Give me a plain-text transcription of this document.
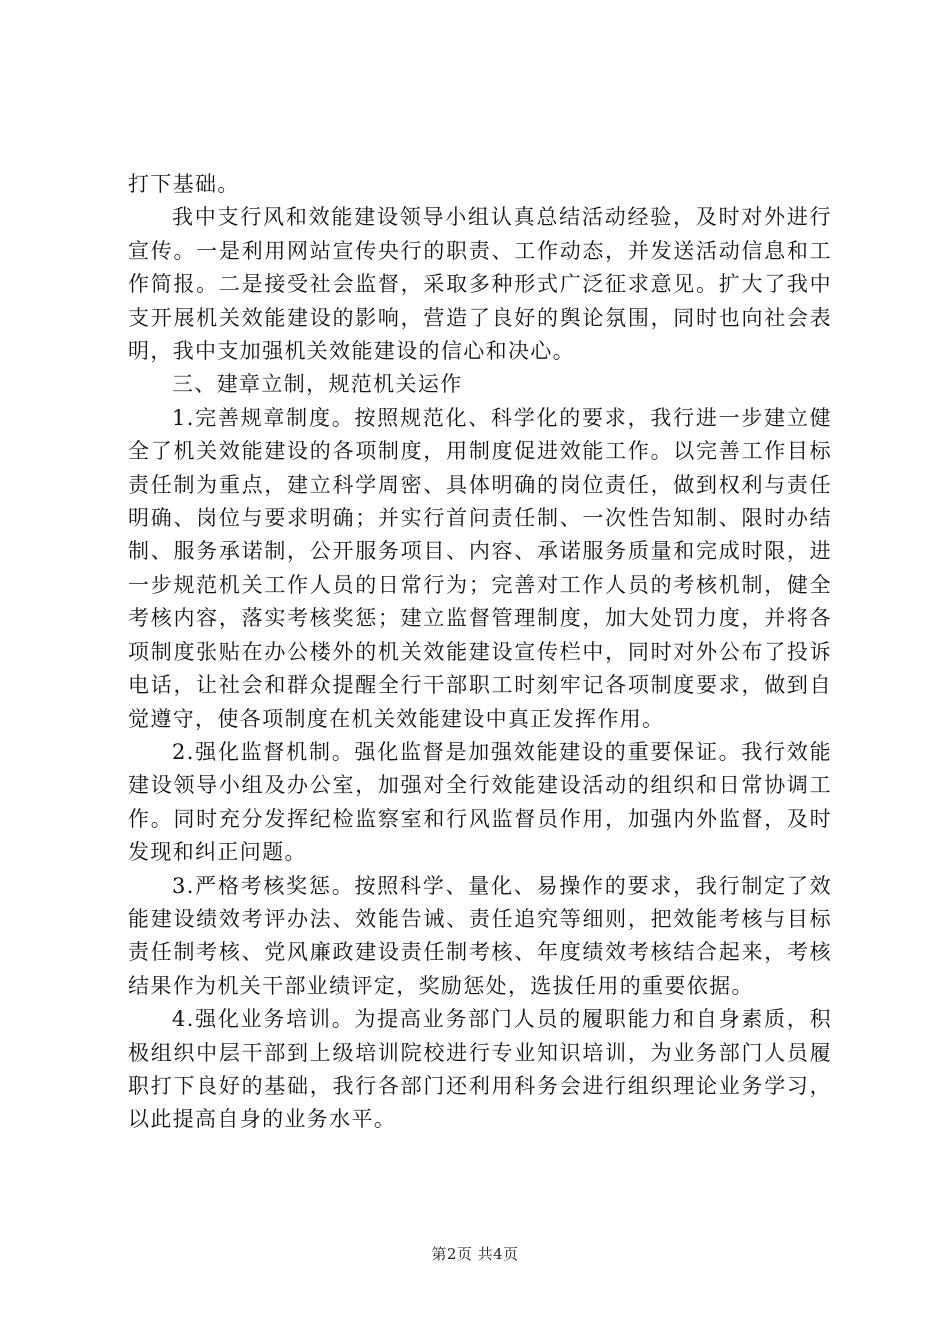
打下基础。

我中支行风和效能建设领导小组认真总结活动经验，及时对外进行宣传。一是利用网站宣传央行的职责、工作动态，并发送活动信息和工作简报。二是接受社会监督，采取多种形式广泛征求意见。扩大了我中支开展机关效能建设的影响，营造了良好的舆论氛围，同时也向社会表明，我中支加强机关效能建设的信心和决心。

三、建章立制，规范机关运作

1.完善规章制度。按照规范化、科学化的要求，我行进一步建立健全了机关效能建设的各项制度，用制度促进效能工作。以完善工作目标责任制为重点，建立科学周密、具体明确的岗位责任，做到权利与责任明确、岗位与要求明确；并实行首问责任制、一次性告知制、限时办结制、服务承诺制，公开服务项目、内容、承诺服务质量和完成时限，进一步规范机关工作人员的日常行为；完善对工作人员的考核机制，健全考核内容，落实考核奖惩；建立监督管理制度，加大处罚力度，并将各项制度张贴在办公楼外的机关效能建设宣传栏中，同时对外公布了投诉电话，让社会和群众提醒全行干部职工时刻牢记各项制度要求，做到自觉遵守，使各项制度在机关效能建设中真正发挥作用。

2.强化监督机制。强化监督是加强效能建设的重要保证。我行效能建设领导小组及办公室，加强对全行效能建设活动的组织和日常协调工作。同时充分发挥纪检监察室和行风监督员作用，加强内外监督，及时发现和纠正问题。

3.严格考核奖惩。按照科学、量化、易操作的要求，我行制定了效能建设绩效考评办法、效能告诫、责任追究等细则，把效能考核与目标责任制考核、党风廉政建设责任制考核、年度绩效考核结合起来，考核结果作为机关干部业绩评定，奖励惩处，选拔任用的重要依据。

4.强化业务培训。为提高业务部门人员的履职能力和自身素质，积极组织中层干部到上级培训院校进行专业知识培训，为业务部门人员履职打下良好的基础，我行各部门还利用科务会进行组织理论业务学习，以此提高自身的业务水平。

第2页 共4页
